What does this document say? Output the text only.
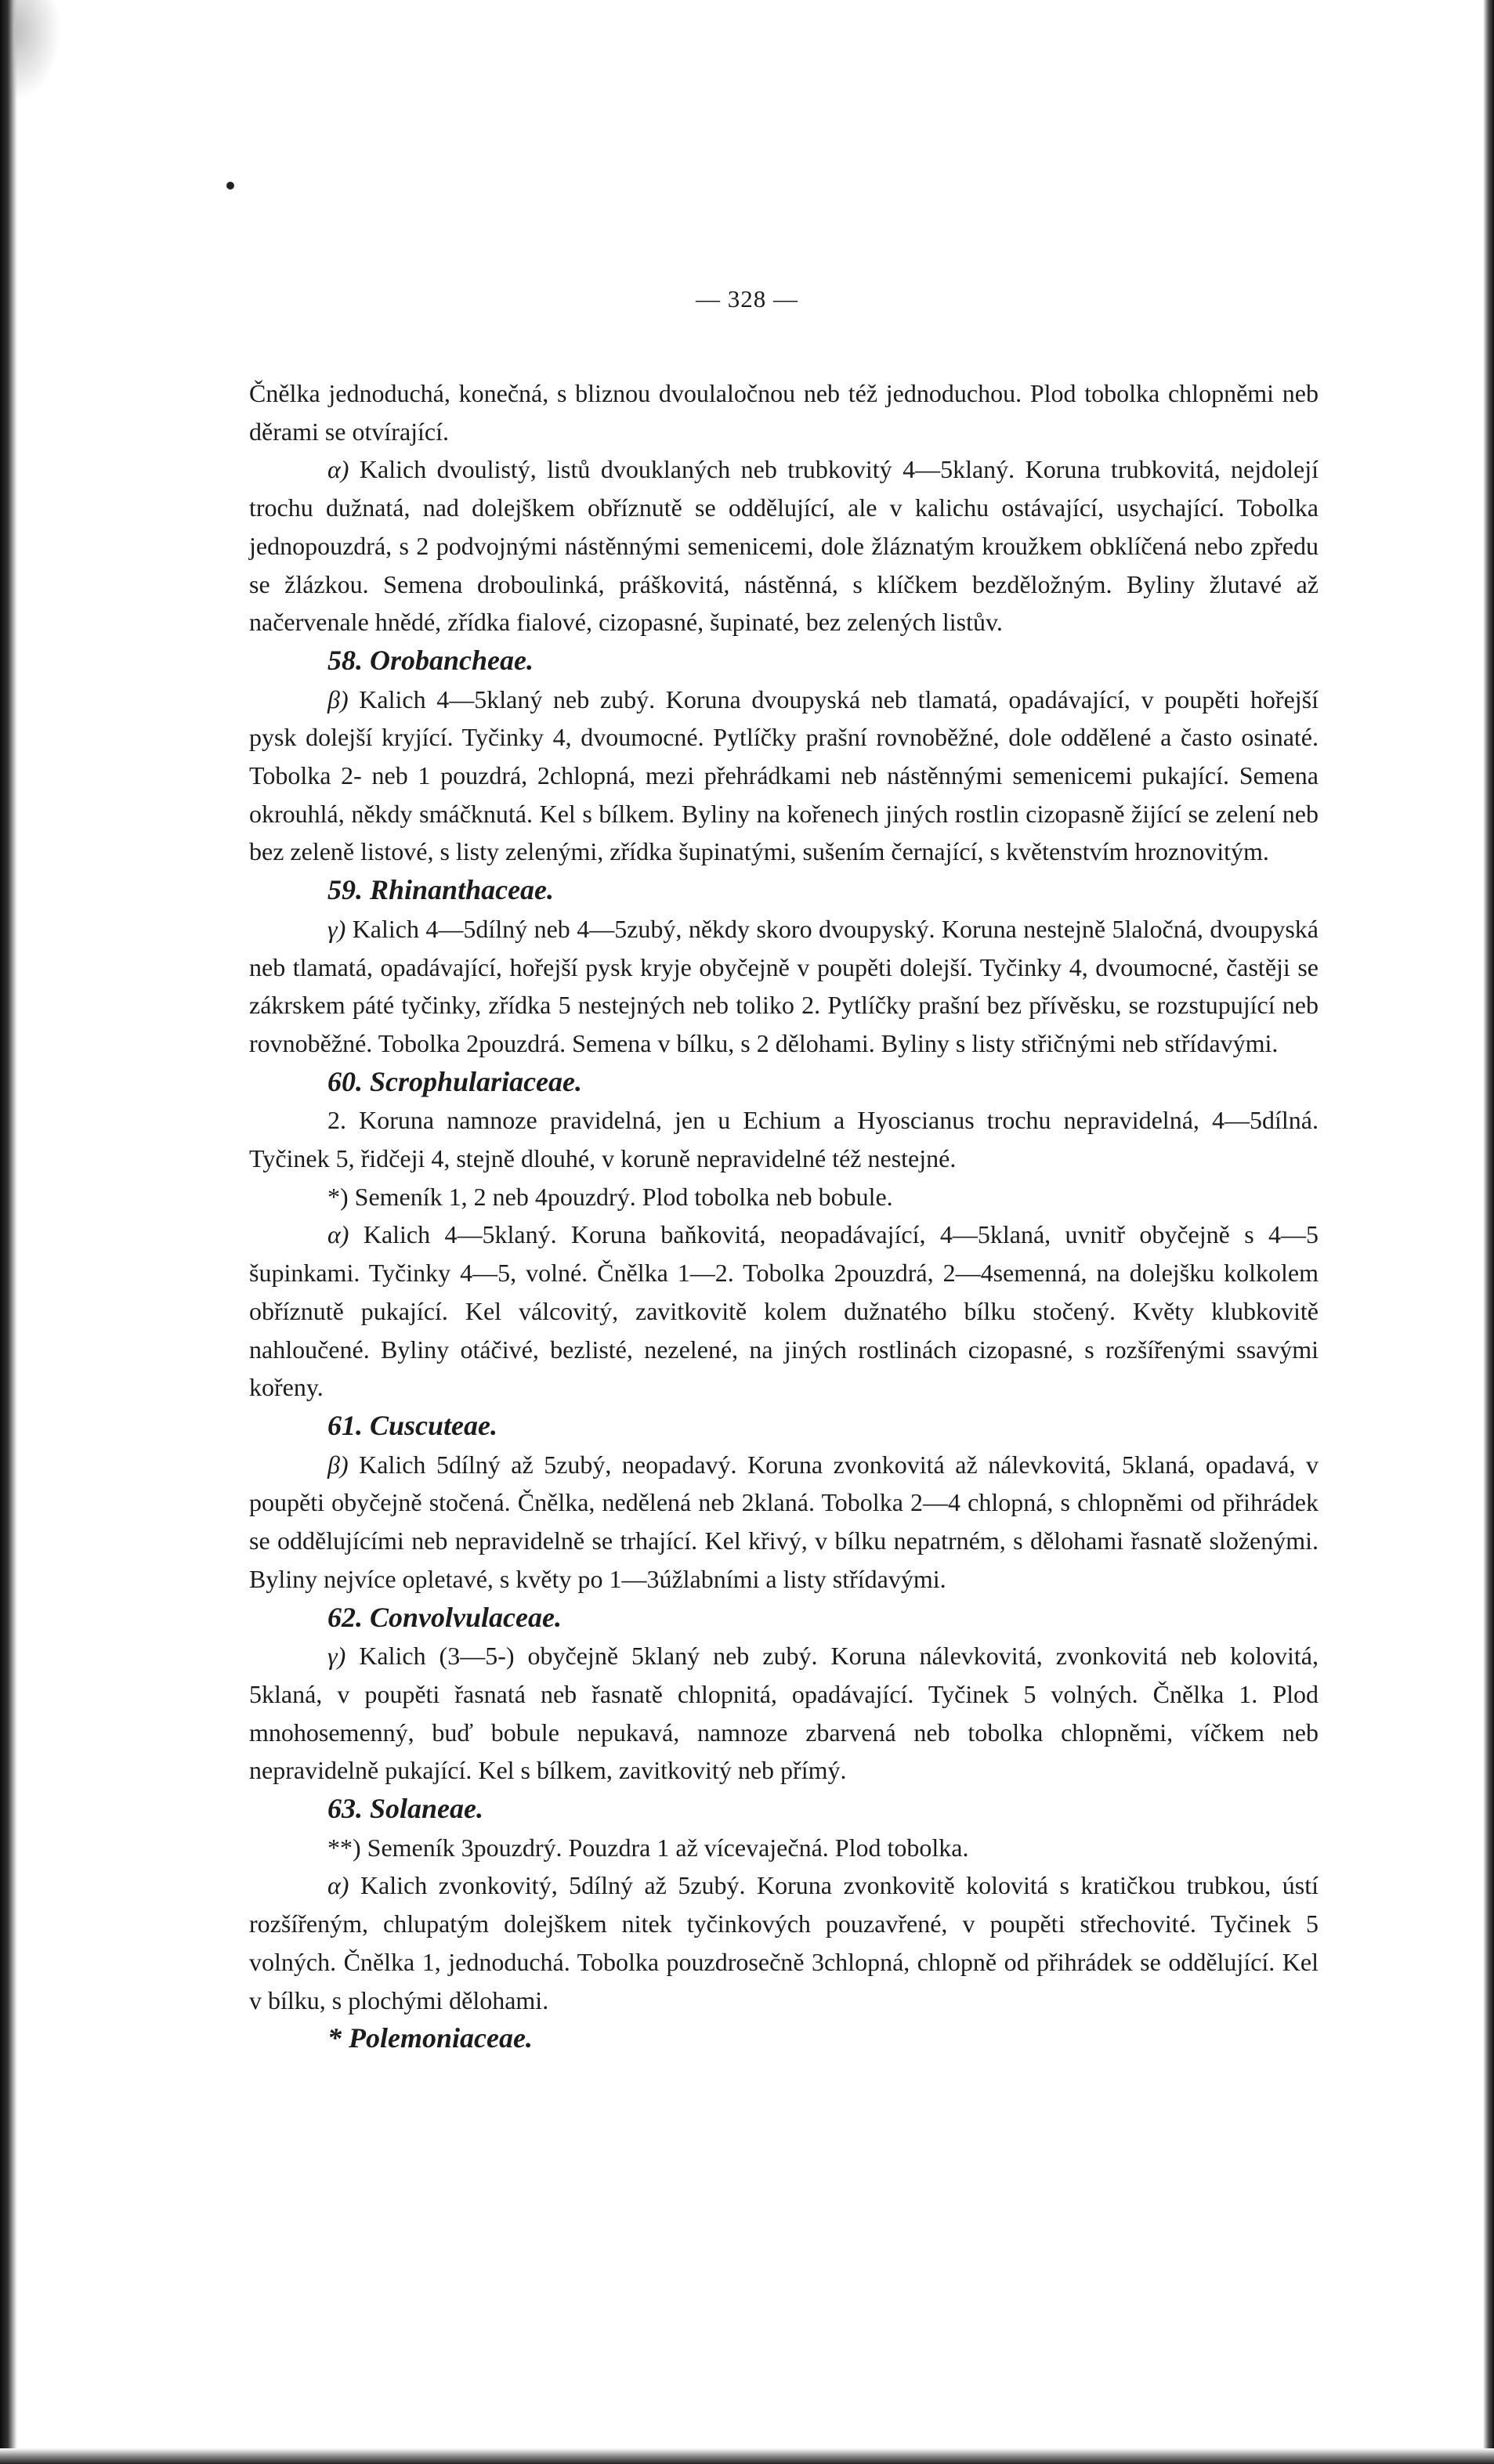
— 328 —

Čnělka jednoduchá, konečná, s bliznou dvoulaločnou neb též jednoduchou. Plod tobolka chlopněmi neb děrami se otvírající.

α) Kalich dvoulistý, listů dvouklaných neb trubkovitý 4—5klaný. Koruna trubkovitá, nejdolejí trochu dužnatá, nad dolejškem obříznutě se oddělující, ale v kalichu ostávající, usychající. Tobolka jednopouzdrá, s 2 podvojnými nástěnnými semenicemi, dole žláznatým kroužkem obklíčená nebo zpředu se žlázkou. Semena droboulinká, práškovitá, nástěnná, s klíčkem bezděložným. Byliny žlutavé až načervenale hnědé, zřídka fialové, cizopasné, šupinaté, bez zelených listův.
58. Orobancheae.

β) Kalich 4—5klaný neb zubý. Koruna dvoupyská neb tlamatá, opadávající, v poupěti hořejší pysk dolejší kryjící. Tyčinky 4, dvoumocné. Pytlíčky prašní rovnoběžné, dole oddělené a často osinaté. Tobolka 2- neb 1 pouzdrá, 2chlopná, mezi přehrádkami neb nástěnnými semenicemi pukající. Semena okrouhlá, někdy smáčknutá. Kel s bílkem. Byliny na kořenech jiných rostlin cizopasně žijící se zelení neb bez zeleně listové, s listy zelenými, zřídka šupinatými, sušením černající, s květenstvím hroznovitým.
59. Rhinanthaceae.

γ) Kalich 4—5dílný neb 4—5zubý, někdy skoro dvoupyský. Koruna nestejně 5laločná, dvoupyská neb tlamatá, opadávající, hořejší pysk kryje obyčejně v poupěti dolejší. Tyčinky 4, dvoumocné, častěji se zákrskem páté tyčinky, zřídka 5 nestejných neb toliko 2. Pytlíčky prašní bez přívěsku, se rozstupující neb rovnoběžné. Tobolka 2pouzdrá. Semena v bílku, s 2 dělohami. Byliny s listy střičnými neb střídavými.
60. Scrophulariaceae.

2. Koruna namnoze pravidelná, jen u Echium a Hyoscianus trochu nepravidelná, 4—5dílná. Tyčinek 5, řidčeji 4, stejně dlouhé, v koruně nepravidelné též nestejné.

*) Semeník 1, 2 neb 4pouzdrý. Plod tobolka neb bobule.

α) Kalich 4—5klaný. Koruna baňkovitá, neopadávající, 4—5klaná, uvnitř obyčejně s 4—5 šupinkami. Tyčinky 4—5, volné. Čnělka 1—2. Tobolka 2pouzdrá, 2—4semenná, na dolejšku kolkolem obříznutě pukající. Kel válcovitý, zavitkovitě kolem dužnatého bílku stočený. Květy klubkovitě nahloučené. Byliny otáčivé, bezlisté, nezelené, na jiných rostlinách cizopasné, s rozšířenými ssavými kořeny.
61. Cuscuteae.

β) Kalich 5dílný až 5zubý, neopadavý. Koruna zvonkovitá až nálevkovitá, 5klaná, opadavá, v poupěti obyčejně stočená. Čnělka, nedělená neb 2klaná. Tobolka 2—4 chlopná, s chlopněmi od přihrádek se oddělujícími neb nepravidelně se trhající. Kel křivý, v bílku nepatrném, s dělohami řasnatě složenými. Byliny nejvíce opletavé, s květy po 1—3úžlabními a listy střídavými.
62. Convolvulaceae.

γ) Kalich (3—5-) obyčejně 5klaný neb zubý. Koruna nálevkovitá, zvonkovitá neb kolovitá, 5klaná, v poupěti řasnatá neb řasnatě chlopnitá, opadávající. Tyčinek 5 volných. Čnělka 1. Plod mnohosemenný, buď bobule nepukavá, namnoze zbarvená neb tobolka chlopněmi, víčkem neb nepravidelně pukající. Kel s bílkem, zavitkovitý neb přímý.
63. Solaneae.

**) Semeník 3pouzdrý. Pouzdra 1 až vícevaječná. Plod tobolka.

α) Kalich zvonkovitý, 5dílný až 5zubý. Koruna zvonkovitě kolovitá s kratičkou trubkou, ústí rozšířeným, chlupatým dolejškem nitek tyčinkových pouzavřené, v poupěti střechovité. Tyčinek 5 volných. Čnělka 1, jednoduchá. Tobolka pouzdrosečně 3chlopná, chlopně od přihrádek se oddělující. Kel v bílku, s plochými dělohami.
* Polemoniaceae.
